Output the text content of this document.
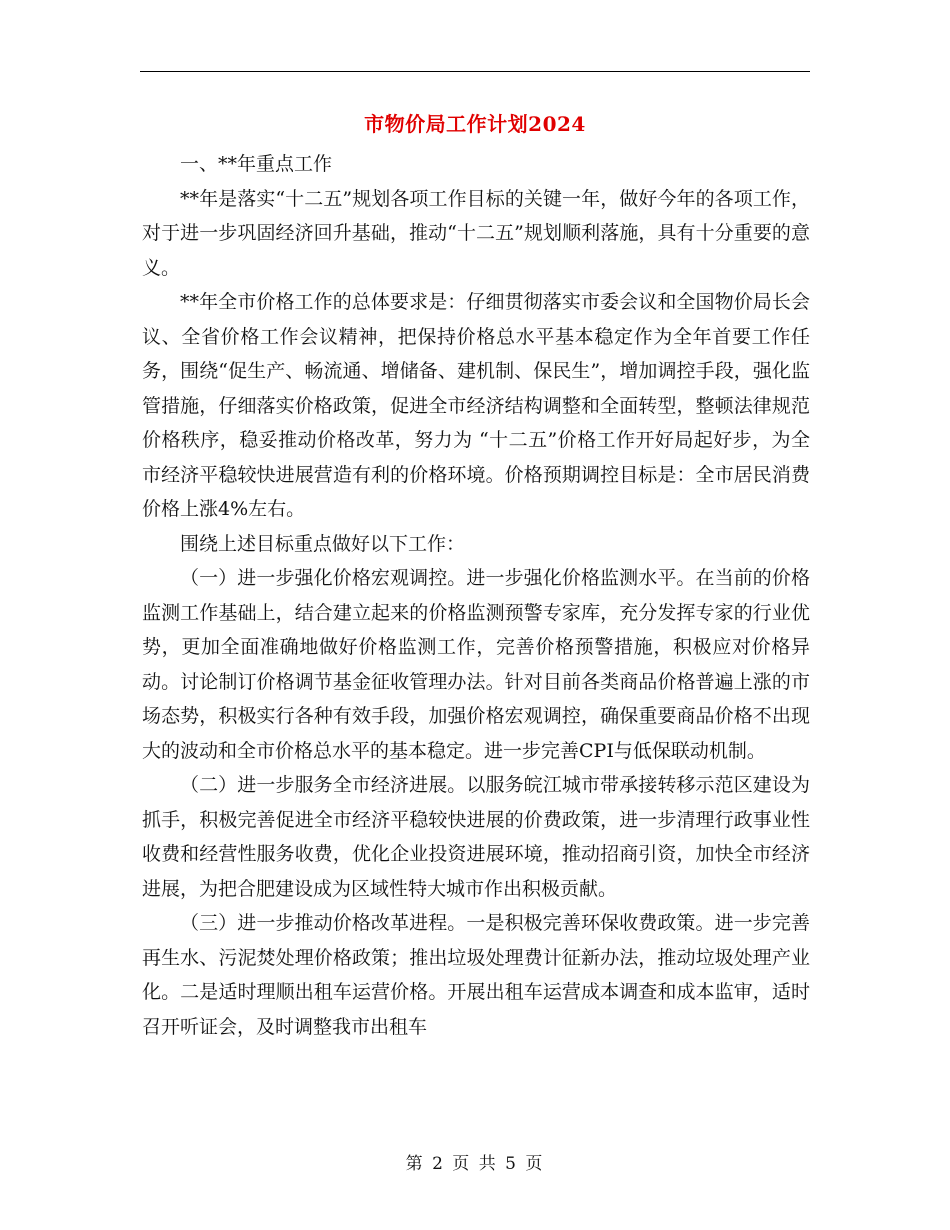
市物价局工作计划2024

一、**年重点工作

**年是落实“十二五”规划各项工作目标的关键一年，做好今年的各项工作，对于进一步巩固经济回升基础，推动“十二五”规划顺利落施，具有十分重要的意义。

**年全市价格工作的总体要求是：仔细贯彻落实市委会议和全国物价局长会议、全省价格工作会议精神，把保持价格总水平基本稳定作为全年首要工作任务，围绕“促生产、畅流通、增储备、建机制、保民生”，增加调控手段，强化监管措施，仔细落实价格政策，促进全市经济结构调整和全面转型，整顿法律规范价格秩序，稳妥推动价格改革，努力为 “十二五”价格工作开好局起好步，为全市经济平稳较快进展营造有利的价格环境。价格预期调控目标是：全市居民消费价格上涨4%左右。

围绕上述目标重点做好以下工作：

（一）进一步强化价格宏观调控。进一步强化价格监测水平。在当前的价格监测工作基础上，结合建立起来的价格监测预警专家库，充分发挥专家的行业优势，更加全面准确地做好价格监测工作，完善价格预警措施，积极应对价格异动。讨论制订价格调节基金征收管理办法。针对目前各类商品价格普遍上涨的市场态势，积极实行各种有效手段，加强价格宏观调控，确保重要商品价格不出现大的波动和全市价格总水平的基本稳定。进一步完善CPI与低保联动机制。

（二）进一步服务全市经济进展。以服务皖江城市带承接转移示范区建设为抓手，积极完善促进全市经济平稳较快进展的价费政策，进一步清理行政事业性收费和经营性服务收费，优化企业投资进展环境，推动招商引资，加快全市经济进展，为把合肥建设成为区域性特大城市作出积极贡献。

（三）进一步推动价格改革进程。一是积极完善环保收费政策。进一步完善再生水、污泥焚处理价格政策；推出垃圾处理费计征新办法，推动垃圾处理产业化。二是适时理顺出租车运营价格。开展出租车运营成本调查和成本监审，适时召开听证会，及时调整我市出租车

第 2 页 共 5 页
